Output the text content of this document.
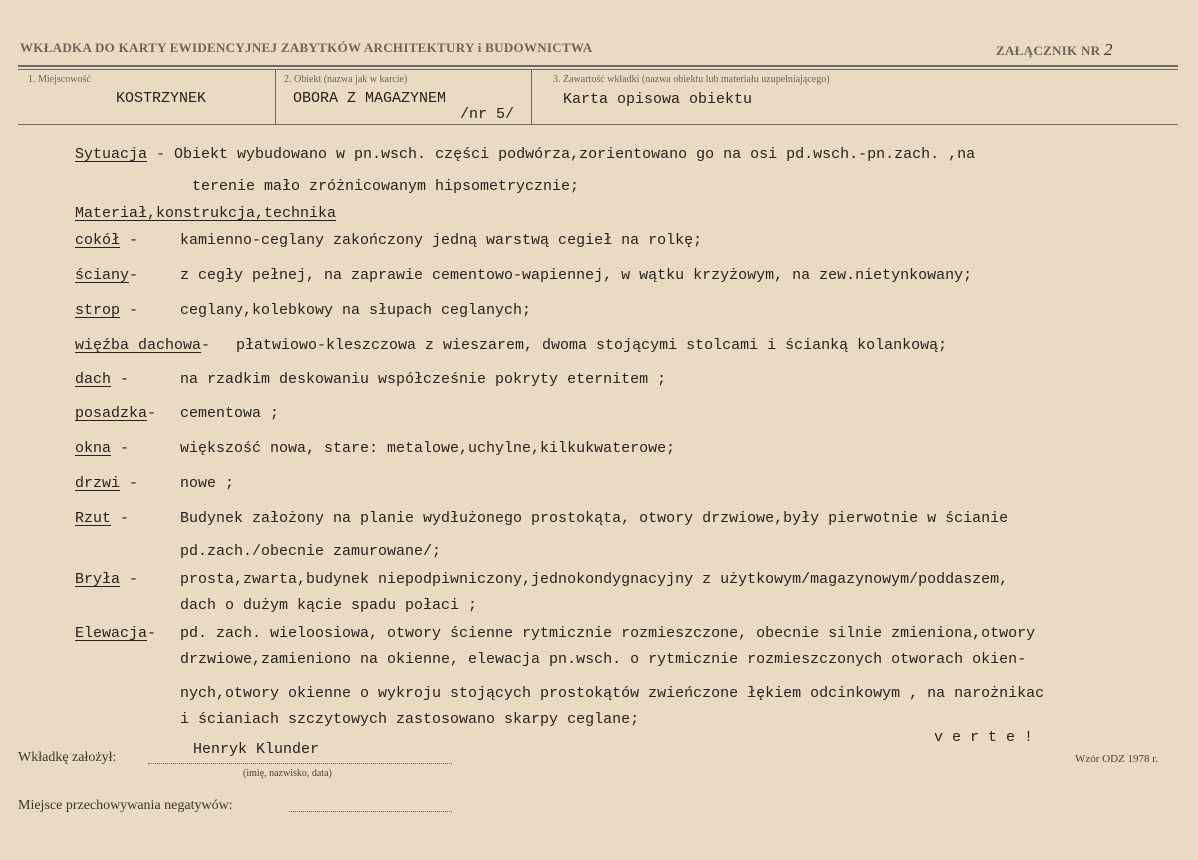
WKŁADKA DO KARTY EWIDENCYJNEJ ZABYTKÓW ARCHITEKTURY i BUDOWNICTWA	ZAŁĄCZNIK NR 2
1. Miejscowość
KOSTRZYNEK
2. Obiekt (nazwa jak w karcie)
OBORA Z MAGAZYNEM
/nr 5/
3. Zawartość wkładki (nazwa obiektu lub materiału uzupełniającego)
Karta opisowa obiektu
Sytuacja - Obiekt wybudowano w pn.wsch. części podwórza,zorientowano go na osi pd.wsch.-pn.zach. ,na
terenie mało zróżnicowanym hipsometrycznie;
Materiał,konstrukcja,technika
cokół -	kamienno-ceglany zakończony jedną warstwą cegieł na rolkę;
ściany-	z cegły pełnej, na zaprawie cementowo-wapiennej, w wątku krzyżowym, na zew.nietynkowany;
strop -	ceglany,kolebkowy na słupach ceglanych;
więźba dachowa- płatwiowo-kleszczowa z wieszarem, dwoma stojącymi stolcami i ścianką kolankową;
dach -	na rzadkim deskowaniu współcześnie pokryty eternitem ;
posadzka- cementowa ;
okna -	większość nowa, stare: metalowe,uchylne,kilkukwaterowe;
drzwi -	nowe ;
Rzut -	Budynek założony na planie wydłużonego prostokąta, otwory drzwiowe,były pierwotnie w ścianie
pd.zach./obecnie zamurowane/;
Bryła -	prosta,zwarta,budynek niepodpiwniczony,jednokondygnacyjny z użytkowym/magazynowym/poddaszem,
dach o dużym kącie spadu połaci ;
Elewacja- pd. zach. wieloosiowa, otwory ścienne rytmicznie rozmieszczone, obecnie silnie zmieniona,otwory
drzwiowe,zamieniono na okienne, elewacja pn.wsch. o rytmicznie rozmieszczonych otworach okien-
nych,otwory okienne o wykroju stojących prostokątów zwieńczone łękiem odcinkowym , na narożnikac
i ścianiach szczytowych zastosowano skarpy ceglane;
v e r t e !
Wkładkę założył:	Henryk Klunder
(imię, nazwisko, data)
Wzór ODZ 1978 r.
Miejsce przechowywania negatywów:
